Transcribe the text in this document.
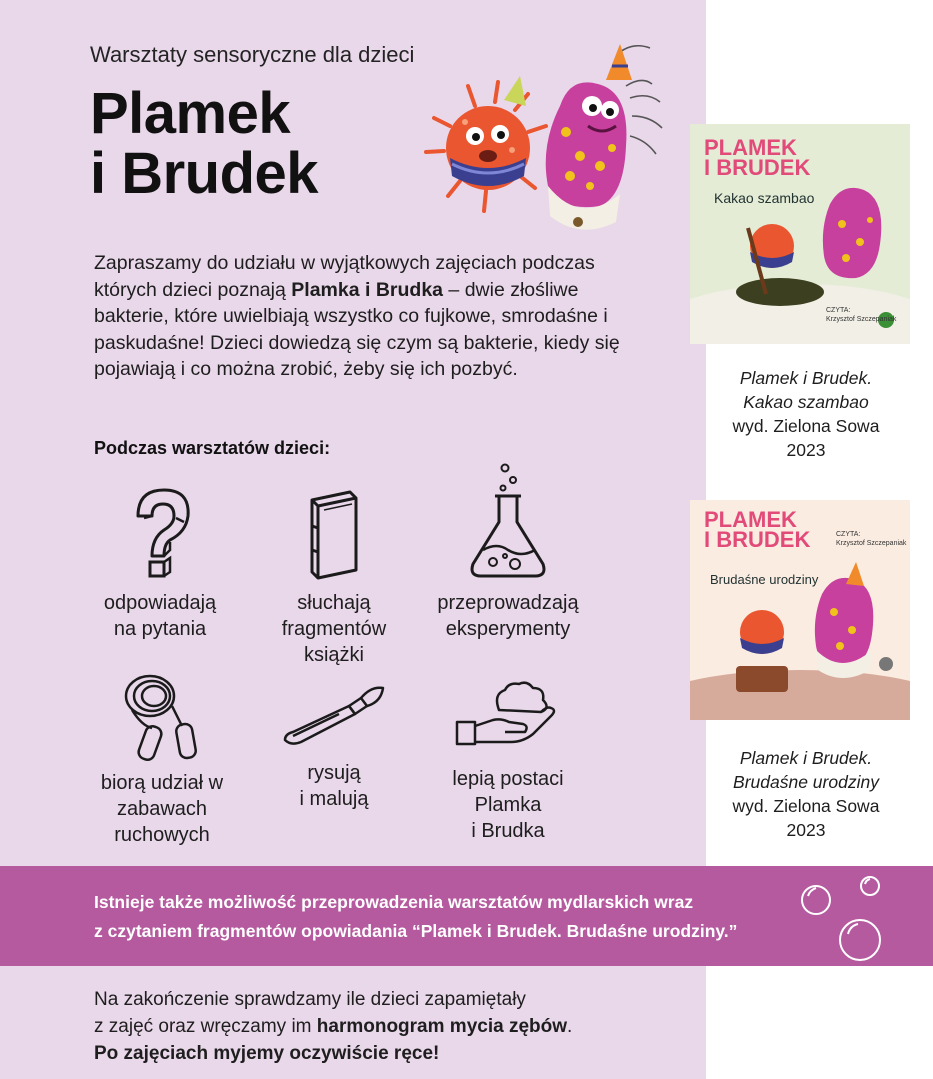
Warsztaty sensoryczne dla dzieci
Plamek
i Brudek

Zapraszamy do udziału w wyjątkowych zajęciach podczas których dzieci poznają Plamka i Brudka – dwie złośliwe bakterie, które uwielbiają wszystko co fujkowe, smrodaśne i paskudaśne! Dzieci dowiedzą się czym są bakterie, kiedy się pojawiają i co można zrobić, żeby się ich pozbyć.

Podczas warsztatów dzieci:
odpowiadają
na pytania
słuchają
fragmentów
książki
przeprowadzają
eksperymenty
biorą udział w
zabawach
ruchowych
rysują
i malują
lepią postaci
Plamka
i Brudka
PLAMEK
I BRUDEK
Kakao szambao
CZYTA:
Krzysztof Szczepaniak
Plamek i Brudek.
Kakao szambao
wyd. Zielona Sowa
2023
PLAMEK
I BRUDEK
Brudaśne urodziny
CZYTA:
Krzysztof Szczepaniak
Plamek i Brudek.
Brudaśne urodziny
wyd. Zielona Sowa
2023

Istnieje także możliwość przeprowadzenia warsztatów mydlarskich wraz
z czytaniem fragmentów opowiadania “Plamek i Brudek. Brudaśne urodziny.”

Na zakończenie sprawdzamy ile dzieci zapamiętały
z zajęć oraz wręczamy im harmonogram mycia zębów.
Po zajęciach myjemy oczywiście ręce!
